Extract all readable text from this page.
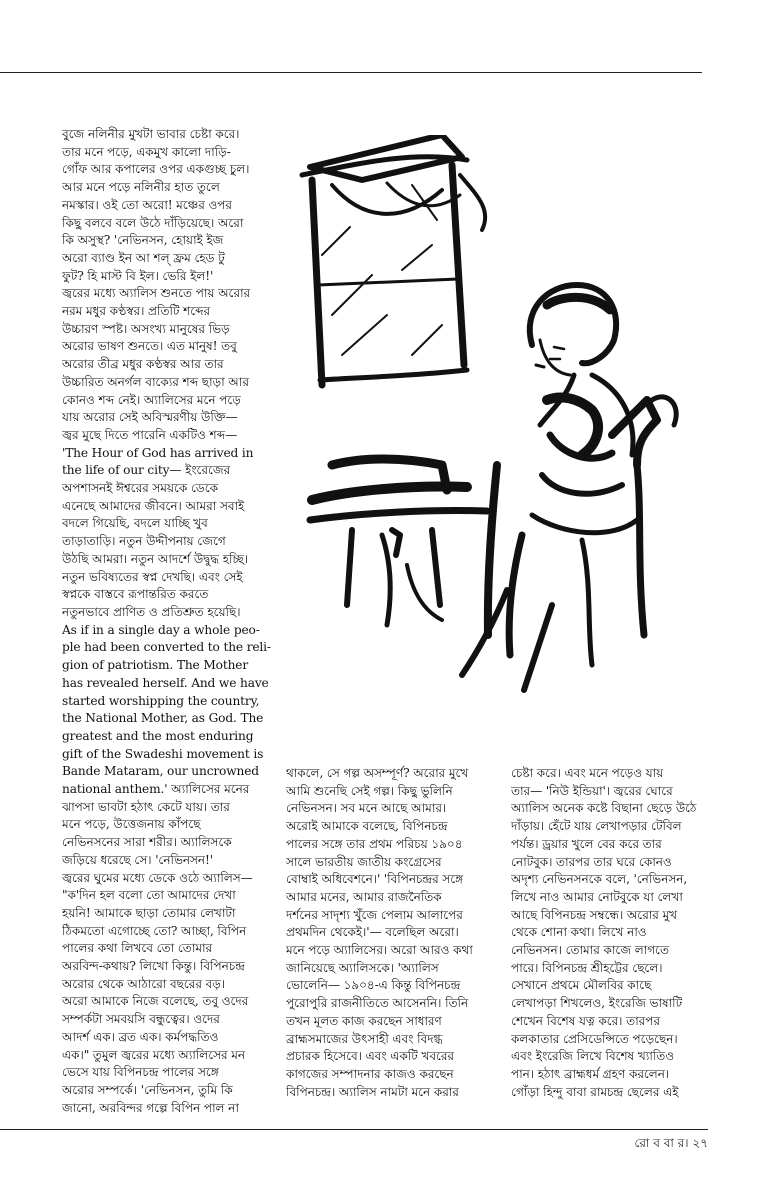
বুজে নলিনীর মুখটা ভাবার চেষ্টা করে।
তার মনে পড়ে, একমুখ কালো দাড়ি-
গোঁফ আর কপালের ওপর একগুচ্ছ চুল।
আর মনে পড়ে নলিনীর হাত তুলে
নমস্কার। ওই তো অরো! মঞ্চের ওপর
কিছু বলবে বলে উঠে দাঁড়িয়েছে। অরো
কি অসুস্থ? 'নেভিনসন, হোয়াই ইজ
অরো ব্যাণ্ড ইন আ শল্ ফ্রম হেড টু
ফুট? হি মাস্ট বি ইল। ভেরি ইল!'
জ্বরের মধ্যে অ্যালিস শুনতে পায় অরোর
নরম মধুর কণ্ঠস্বর। প্রতিটি শব্দের
উচ্চারণ স্পষ্ট। অসংখ্য মানুষের ভিড়
অরোর ভাষণ শুনতে। এত মানুষ! তবু
অরোর তীব্র মধুর কণ্ঠস্বর আর তার
উচ্চারিত অনর্গল বাক্যের শব্দ ছাড়া আর
কোনও শব্দ নেই। অ্যালিসের মনে পড়ে
যায় অরোর সেই অবিস্মরণীয় উক্তি—
জ্বর মুছে দিতে পারেনি একটিও শব্দ—
'The Hour of God has arrived in
the life of our city— ইংরেজের
অপশাসনই ঈশ্বরের সময়কে ডেকে
এনেছে আমাদের জীবনে। আমরা সবাই
বদলে গিয়েছি, বদলে যাচ্ছি খুব
তাড়াতাড়ি। নতুন উদ্দীপনায় জেগে
উঠছি আমরা। নতুন আদর্শে উদ্বুদ্ধ হচ্ছি।
নতুন ভবিষ্যতের স্বপ্ন দেখছি। এবং সেই
স্বপ্নকে বাস্তবে রূপান্তরিত করতে
নতুনভাবে প্রাণিত ও প্রতিশ্রুত হয়েছি।
As if in a single day a whole peo-
ple had been converted to the reli-
gion of patriotism. The Mother
has revealed herself. And we have
started worshipping the country,
the National Mother, as God. The
greatest and the most enduring
gift of the Swadeshi movement is
Bande Mataram, our uncrowned
national anthem.' অ্যালিসের মনের
ঝাপসা ভাবটা হঠাৎ কেটে যায়। তার
মনে পড়ে, উত্তেজনায় কাঁপছে
নেভিনসনের সারা শরীর। অ্যালিসকে
জড়িয়ে ধরেছে সে। 'নেভিনসন!'
জ্বরের ঘুমের মধ্যে ডেকে ওঠে অ্যালিস—
"ক'দিন হল বলো তো আমাদের দেখা
হয়নি! আমাকে ছাড়া তোমার লেখাটা
ঠিকমতো এগোচ্ছে তো? আচ্ছা, বিপিন
পালের কথা লিখবে তো তোমার
অরবিন্দ-কথায়? লিখো কিন্তু। বিপিনচন্দ্র
অরোর থেকে আঠারো বছরের বড়।
অরো আমাকে নিজে বলেছে, তবু ওদের
সম্পর্কটা সমবয়সি বন্ধুত্বের। ওদের
আদর্শ এক। ব্রত এক। কর্মপদ্ধতিও
এক।" তুমুল জ্বরের মধ্যে অ্যালিসের মন
ভেসে যায় বিপিনচন্দ্র পালের সঙ্গে
অরোর সম্পর্কে। 'নেভিনসন, তুমি কি
জানো, অরবিন্দর গল্পে বিপিন পাল না
থাকলে, সে গল্প অসম্পূর্ণ? অরোর মুখে
আমি শুনেছি সেই গল্প। কিছু ভুলিনি
নেভিনসন। সব মনে আছে আমার।
অরোই আমাকে বলেছে, বিপিনচন্দ্র
পালের সঙ্গে তার প্রথম পরিচয় ১৯০৪
সালে ভারতীয় জাতীয় কংগ্রেসের
বোম্বাই অধিবেশনে।' 'বিপিনচন্দ্রর সঙ্গে
আমার মনের, আমার রাজনৈতিক
দর্শনের সাদৃশ্য খুঁজে পেলাম আলাপের
প্রথমদিন থেকেই।'— বলেছিল অরো।
মনে পড়ে অ্যালিসের। অরো আরও কথা
জানিয়েছে অ্যালিসকে। 'অ্যালিস
ভোলেনি— ১৯০৪-এ কিন্তু বিপিনচন্দ্র
পুরোপুরি রাজনীতিতে আসেননি। তিনি
তখন মূলত কাজ করছেন সাধারণ
ব্রাহ্মসমাজের উৎসাহী এবং বিদগ্ধ
প্রচারক হিসেবে। এবং একটি খবরের
কাগজের সম্পাদনার কাজও করছেন
বিপিনচন্দ্র। অ্যালিস নামটা মনে করার
চেষ্টা করে। এবং মনে পড়েও যায়
তার— 'নিউ ইন্ডিয়া'। জ্বরের ঘোরে
অ্যালিস অনেক কষ্টে বিছানা ছেড়ে উঠে
দাঁড়ায়। হেঁটে যায় লেখাপড়ার টেবিল
পর্যন্ত। ড্রয়ার খুলে বের করে তার
নোটবুক। তারপর তার ঘরে কোনও
অদৃশ্য নেভিনসনকে বলে, 'নেভিনসন,
লিখে নাও আমার নোটবুকে যা লেখা
আছে বিপিনচন্দ্র সম্বন্ধে। অরোর মুখ
থেকে শোনা কথা। লিখে নাও
নেভিনসন। তোমার কাজে লাগতে
পারে। বিপিনচন্দ্র শ্রীহট্টের ছেলে।
সেখানে প্রথমে মৌলবির কাছে
লেখাপড়া শিখলেও, ইংরেজি ভাষাটি
শেখেন বিশেষ যত্ন করে। তারপর
কলকাতার প্রেসিডেন্সিতে পড়েছেন।
এবং ইংরেজি লিখে বিশেষ খ্যাতিও
পান। হঠাৎ ব্রাহ্মধর্ম গ্রহণ করলেন।
গোঁড়া হিন্দু বাবা রামচন্দ্র ছেলের এই
রো ব বা র। ২৭
